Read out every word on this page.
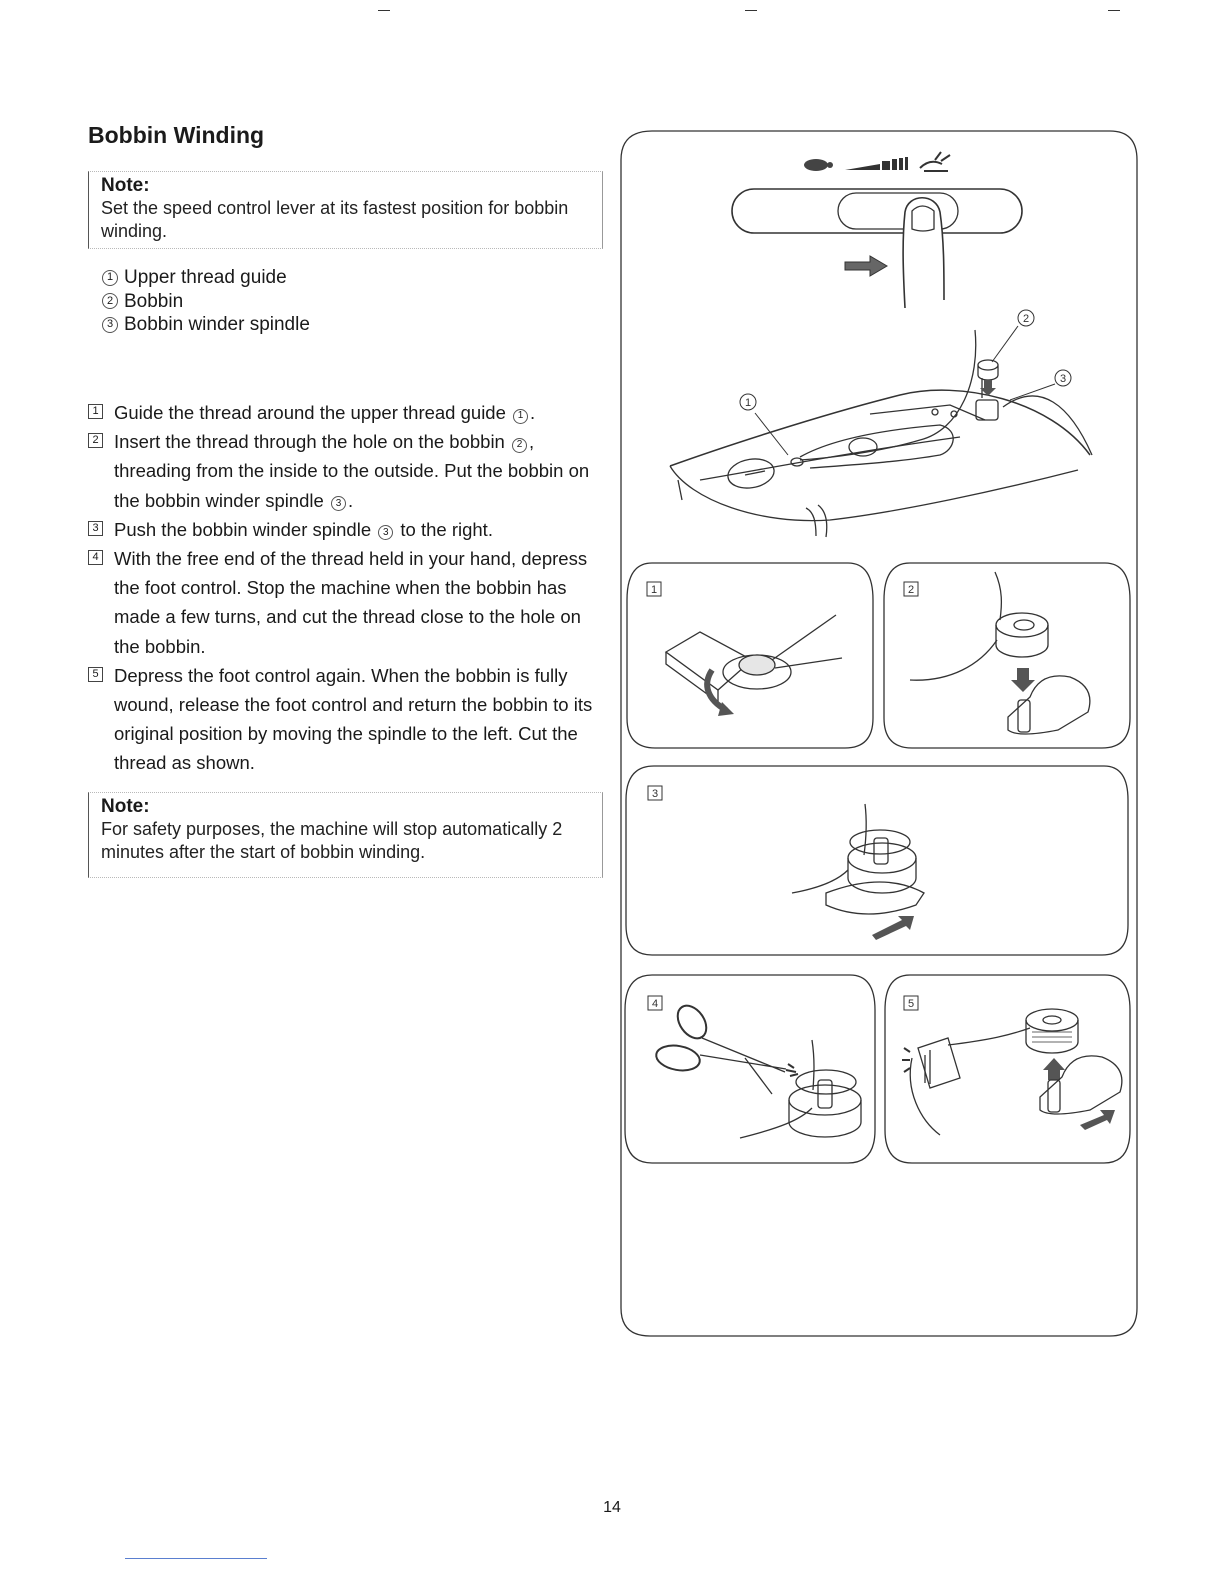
Bobbin Winding
Note:
Set the speed control lever at its fastest position for bobbin winding.
1 Upper thread guide
2 Bobbin
3 Bobbin winder spindle
1 Guide the thread around the upper thread guide 1 .
2 Insert the thread through the hole on the bobbin 2 , threading from the inside to the outside. Put the bobbin on the bobbin winder spindle 3 .
3 Push the bobbin winder spindle 3 to the right.
4 With the free end of the thread held in your hand, depress the foot control. Stop the machine when the bobbin has made a few turns, and cut the thread close to the hole on the bobbin.
5 Depress the foot control again. When the bobbin is fully wound, release the foot control and return the bobbin to its original position by moving the spindle to the left. Cut the thread as shown.
Note:
For safety purposes, the machine will stop automatically 2 minutes after the start of bobbin winding.
1
2
3
1	2
3
4	5
14
